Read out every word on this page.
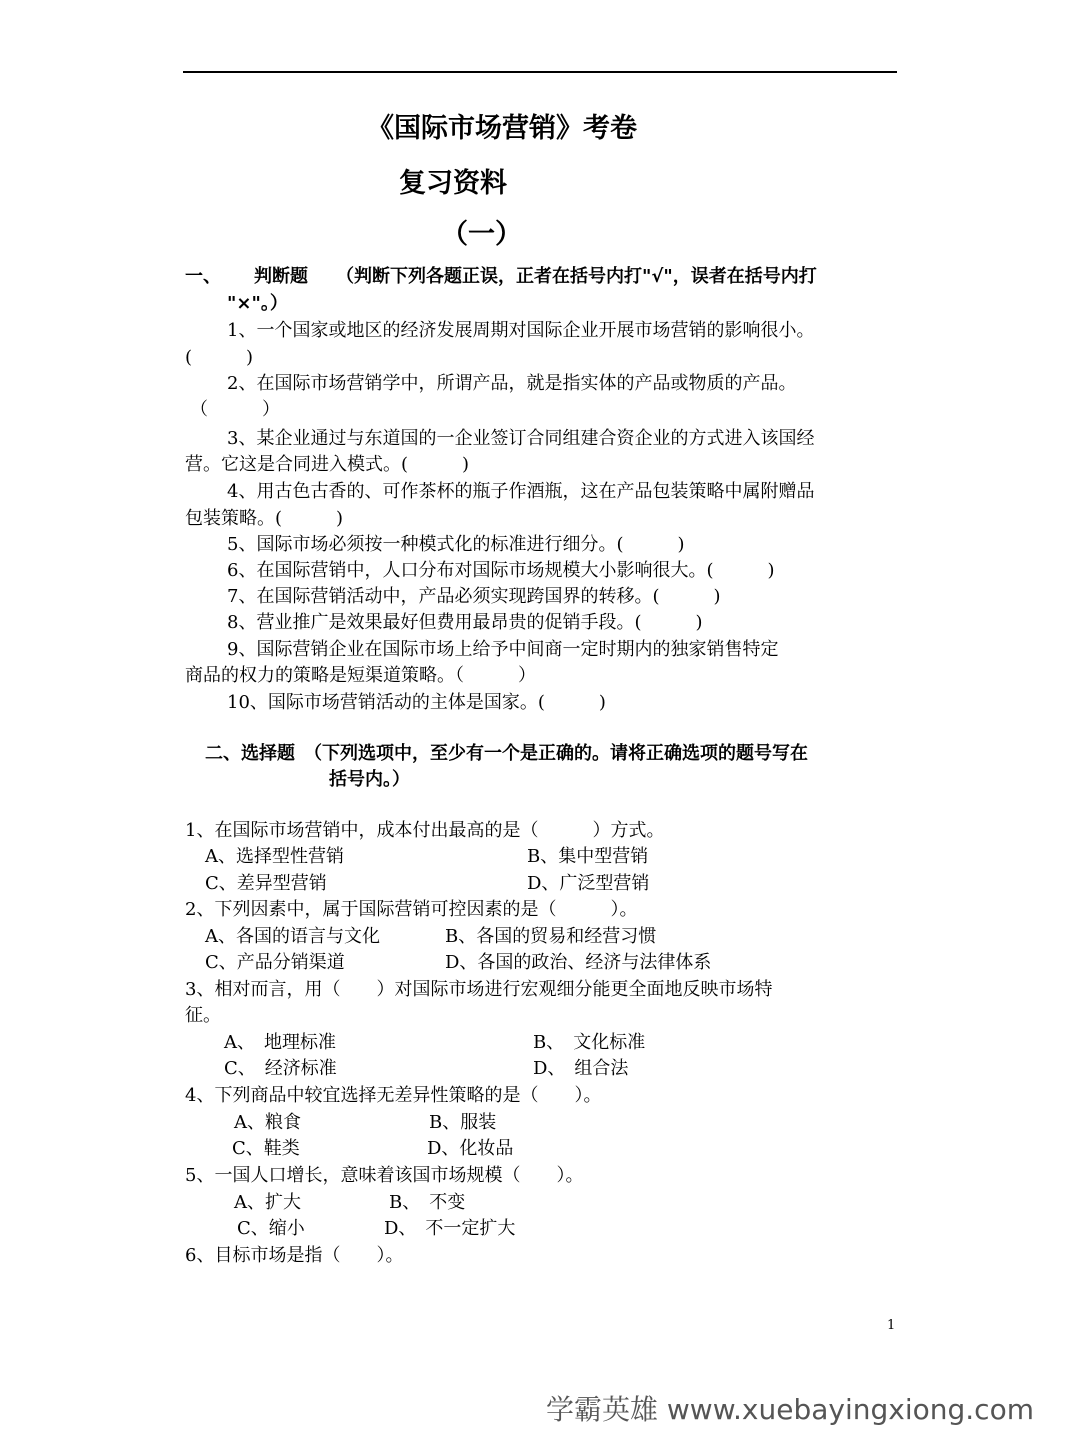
《国际市场营销》考卷
复习资料
（一）
一、 判断题 （判断下列各题正误，正者在括号内打"√"，误者在括号内打
"×"。）
1、一个国家或地区的经济发展周期对国际企业开展市场营销的影响很小。
(　　　)
2、在国际市场营销学中，所谓产品，就是指实体的产品或物质的产品。
（　　　）
3、某企业通过与东道国的一企业签订合同组建合资企业的方式进入该国经
营。它这是合同进入模式。(　　　)
4、用古色古香的、可作茶杯的瓶子作酒瓶，这在产品包装策略中属附赠品
包装策略。(　　　)
5、国际市场必须按一种模式化的标准进行细分。(　　　)
6、在国际营销中，人口分布对国际市场规模大小影响很大。(　　　)
7、在国际营销活动中，产品必须实现跨国界的转移。(　　　)
8、营业推广是效果最好但费用最昂贵的促销手段。(　　　)
9、国际营销企业在国际市场上给予中间商一定时期内的独家销售特定
商品的权力的策略是短渠道策略。（　　　）
10、国际市场营销活动的主体是国家。(　　　)
二、选择题　（下列选项中，至少有一个是正确的。请将正确选项的题号写在
括号内。）
1、在国际市场营销中，成本付出最高的是（　　　）方式。
A、选择型性营销	B、集中型营销
C、差异型营销	D、广泛型营销
2、下列因素中，属于国际营销可控因素的是（　　　）。
A、各国的语言与文化	B、各国的贸易和经营习惯
C、产品分销渠道	D、各国的政治、经济与法律体系
3、相对而言，用（　　）对国际市场进行宏观细分能更全面地反映市场特
征。
A、　地理标准	B、　文化标准
C、　经济标准	D、　组合法
4、下列商品中较宜选择无差异性策略的是（　　）。
A、粮食	B、服装
C、鞋类	D、化妆品
5、一国人口增长，意味着该国市场规模（　　）。
A、扩大	B、　不变
C、缩小	D、　不一定扩大
6、目标市场是指（　　）。
1
学霸英雄 www.xuebayingxiong.com
